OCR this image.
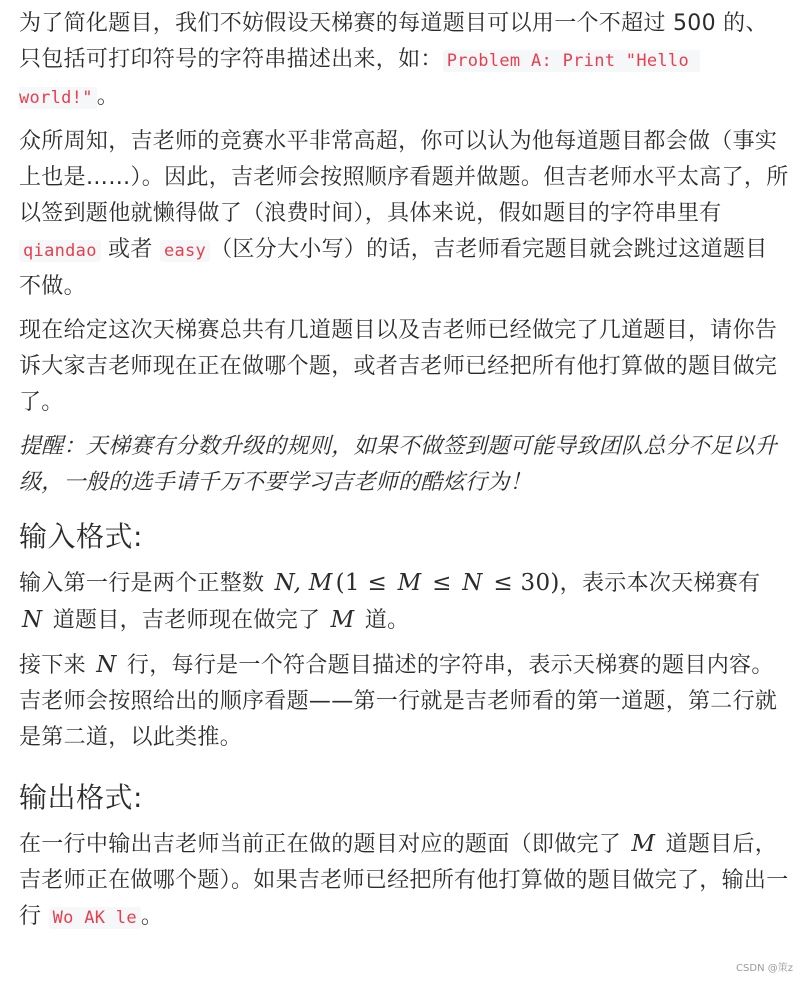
为了简化题目，我们不妨假设天梯赛的每道题目可以用一个不超过 500 的、只包括可打印符号的字符串描述出来，如： Problem A: Print "Hello world!" 。

众所周知，吉老师的竞赛水平非常高超，你可以认为他每道题目都会做（事实上也是……）。因此，吉老师会按照顺序看题并做题。但吉老师水平太高了，所以签到题他就懒得做了（浪费时间），具体来说，假如题目的字符串里有 qiandao 或者 easy （区分大小写）的话，吉老师看完题目就会跳过这道题目不做。

现在给定这次天梯赛总共有几道题目以及吉老师已经做完了几道题目，请你告诉大家吉老师现在正在做哪个题，或者吉老师已经把所有他打算做的题目做完了。

提醒：天梯赛有分数升级的规则，如果不做签到题可能导致团队总分不足以升级，一般的选手请千万不要学习吉老师的酷炫行为！

输入格式:

输入第一行是两个正整数 N, M (1 ≤ M ≤ N ≤ 30)，表示本次天梯赛有 N 道题目，吉老师现在做完了 M 道。

接下来 N 行，每行是一个符合题目描述的字符串，表示天梯赛的题目内容。吉老师会按照给出的顺序看题——第一行就是吉老师看的第一道题，第二行就是第二道，以此类推。

输出格式:

在一行中输出吉老师当前正在做的题目对应的题面（即做完了 M 道题目后，吉老师正在做哪个题）。如果吉老师已经把所有他打算做的题目做完了，输出一行 Wo AK le 。

CSDN @策z
